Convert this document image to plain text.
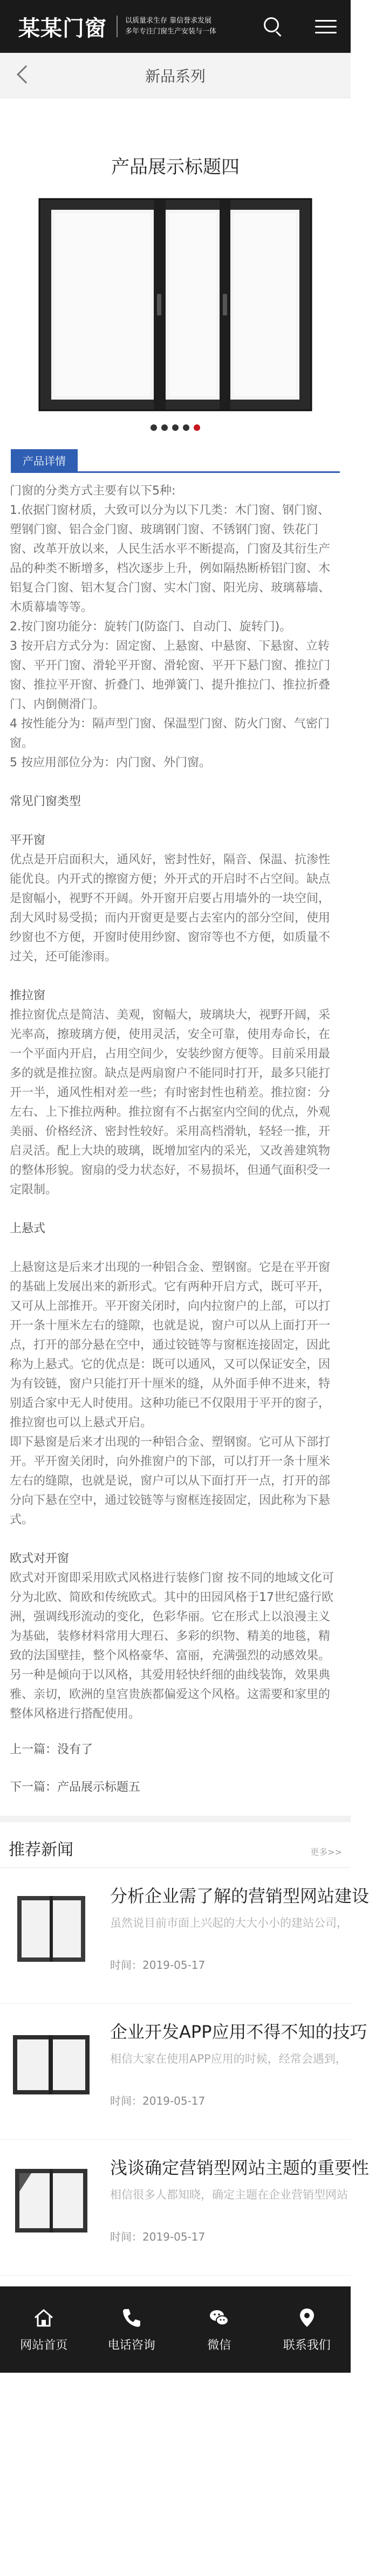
某某门窗	以质量求生存 靠信誉求发展
多年专注门窗生产安装与一体
新品系列
产品展示标题四
产品详情

门窗的分类方式主要有以下5种:

1.依据门窗材质，大致可以分为以下几类：木门窗、钢门窗、塑钢门窗、铝合金门窗、玻璃钢门窗、不锈钢门窗、铁花门窗、改革开放以来，人民生活水平不断提高，门窗及其衍生产品的种类不断增多，档次逐步上升，例如隔热断桥铝门窗、木铝复合门窗、铝木复合门窗、实木门窗、阳光房、玻璃幕墙、木质幕墙等等。

2.按门窗功能分：旋转门(防盗门、自动门、旋转门)。

3 按开启方式分为：固定窗、上悬窗、中悬窗、下悬窗、立转窗、平开门窗、滑轮平开窗、滑轮窗、平开下悬门窗、推拉门窗、推拉平开窗、折叠门、地弹簧门、提升推拉门、推拉折叠门、内倒侧滑门。

4 按性能分为：隔声型门窗、保温型门窗、防火门窗、气密门窗。

5 按应用部位分为：内门窗、外门窗。

常见门窗类型

平开窗

优点是开启面积大，通风好，密封性好，隔音、保温、抗渗性能优良。内开式的擦窗方便；外开式的开启时不占空间。缺点是窗幅小，视野不开阔。外开窗开启要占用墙外的一块空间，刮大风时易受损；而内开窗更是要占去室内的部分空间，使用纱窗也不方便，开窗时使用纱窗、窗帘等也不方便，如质量不过关，还可能渗雨。

推拉窗

推拉窗优点是简洁、美观，窗幅大，玻璃块大，视野开阔，采光率高，擦玻璃方便，使用灵活，安全可靠，使用寿命长，在一个平面内开启，占用空间少，安装纱窗方便等。目前采用最多的就是推拉窗。缺点是两扇窗户不能同时打开，最多只能打开一半，通风性相对差一些；有时密封性也稍差。推拉窗：分左右、上下推拉两种。推拉窗有不占据室内空间的优点，外观美丽、价格经济、密封性较好。采用高档滑轨，轻轻一推，开启灵活。配上大块的玻璃，既增加室内的采光，又改善建筑物的整体形貌。窗扇的受力状态好，不易损坏，但通气面积受一定限制。

上悬式

上悬窗这是后来才出现的一种铝合金、塑钢窗。它是在平开窗的基础上发展出来的新形式。它有两种开启方式，既可平开，又可从上部推开。平开窗关闭时，向内拉窗户的上部，可以打开一条十厘米左右的缝隙，也就是说，窗户可以从上面打开一点，打开的部分悬在空中，通过铰链等与窗框连接固定，因此称为上悬式。它的优点是：既可以通风，又可以保证安全，因为有铰链，窗户只能打开十厘米的缝，从外面手伸不进来，特别适合家中无人时使用。这种功能已不仅限用于平开的窗子，推拉窗也可以上悬式开启。

即下悬窗是后来才出现的一种铝合金、塑钢窗。它可从下部打开。平开窗关闭时，向外推窗户的下部，可以打开一条十厘米左右的缝隙，也就是说，窗户可以从下面打开一点，打开的部分向下悬在空中，通过铰链等与窗框连接固定，因此称为下悬式。

欧式对开窗

欧式对开窗即采用欧式风格进行装修门窗 按不同的地域文化可分为北欧、简欧和传统欧式。其中的田园风格于17世纪盛行欧洲，强调线形流动的变化，色彩华丽。它在形式上以浪漫主义为基础，装修材料常用大理石、多彩的织物、精美的地毯，精致的法国壁挂，整个风格豪华、富丽，充满强烈的动感效果。另一种是倾向于以风格，其爱用轻快纤细的曲线装饰，效果典雅、亲切，欧洲的皇宫贵族都偏爱这个风格。这需要和家里的整体风格进行搭配使用。

上一篇：没有了
下一篇：产品展示标题五
推荐新闻	更多>>
分析企业需了解的营销型网站建设
虽然说目前市面上兴起的大大小小的建站公司，
时间：2019-05-17
企业开发APP应用不得不知的技巧
相信大家在使用APP应用的时候，经常会遇到，
时间：2019-05-17
浅谈确定营销型网站主题的重要性
相信很多人都知晓，确定主题在企业营销型网站
时间：2019-05-17
网站首页	电话咨询	微信	联系我们
